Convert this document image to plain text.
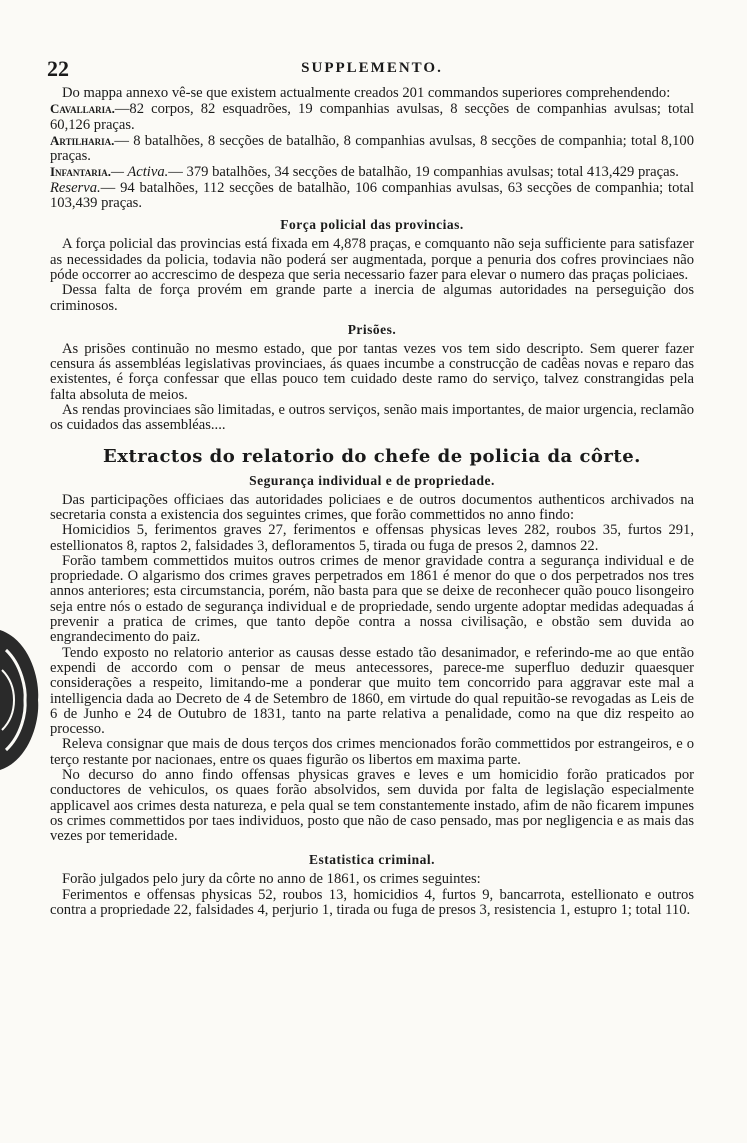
22	SUPPLEMENTO.

Do mappa annexo vê-se que existem actualmente creados 201 commandos superiores comprehendendo:

Cavallaria.—82 corpos, 82 esquadrões, 19 companhias avulsas, 8 secções de companhias avulsas; total 60,126 praças.

Artilharia.— 8 batalhões, 8 secções de batalhão, 8 companhias avulsas, 8 secções de companhia; total 8,100 praças.

Infantaria.— Activa.— 379 batalhões, 34 secções de batalhão, 19 companhias avulsas; total 413,429 praças.

Reserva.— 94 batalhões, 112 secções de batalhão, 106 companhias avulsas, 63 secções de companhia; total 103,439 praças.

Força policial das provincias.

A força policial das provincias está fixada em 4,878 praças, e comquanto não seja sufficiente para satisfazer as necessidades da policia, todavia não poderá ser augmentada, porque a penuria dos cofres provinciaes não póde occorrer ao accrescimo de despeza que seria necessario fazer para elevar o numero das praças policiaes.

Dessa falta de força provém em grande parte a inercia de algumas autoridades na perseguição dos criminosos.

Prisões.

As prisões continuão no mesmo estado, que por tantas vezes vos tem sido descripto. Sem querer fazer censura ás assembléas legislativas provinciaes, ás quaes incumbe a construcção de cadêas novas e reparo das existentes, é força confessar que ellas pouco tem cuidado deste ramo do serviço, talvez constrangidas pela falta absoluta de meios.

As rendas provinciaes são limitadas, e outros serviços, senão mais importantes, de maior urgencia, reclamão os cuidados das assembléas....

Extractos do relatorio do chefe de policia da côrte.
Segurança individual e de propriedade.

Das participações officiaes das autoridades policiaes e de outros documentos authenticos archivados na secretaria consta a existencia dos seguintes crimes, que forão commettidos no anno findo:

Homicidios 5, ferimentos graves 27, ferimentos e offensas physicas leves 282, roubos 35, furtos 291, estellionatos 8, raptos 2, falsidades 3, defloramentos 5, tirada ou fuga de presos 2, damnos 22.

Forão tambem commettidos muitos outros crimes de menor gravidade contra a segurança individual e de propriedade. O algarismo dos crimes graves perpetrados em 1861 é menor do que o dos perpetrados nos tres annos anteriores; esta circumstancia, porém, não basta para que se deixe de reconhecer quão pouco lisongeiro seja entre nós o estado de segurança individual e de propriedade, sendo urgente adoptar medidas adequadas á prevenir a pratica de crimes, que tanto depõe contra a nossa civilisação, e obstão sem duvida ao engrandecimento do paiz.

Tendo exposto no relatorio anterior as causas desse estado tão desanimador, e referindo-me ao que então expendi de accordo com o pensar de meus antecessores, parece-me superfluo deduzir quaesquer considerações a respeito, limitando-me a ponderar que muito tem concorrido para aggravar este mal a intelligencia dada ao Decreto de 4 de Setembro de 1860, em virtude do qual repuitão-se revogadas as Leis de 6 de Junho e 24 de Outubro de 1831, tanto na parte relativa a penalidade, como na que diz respeito ao processo.

Releva consignar que mais de dous terços dos crimes mencionados forão commettidos por estrangeiros, e o terço restante por nacionaes, entre os quaes figurão os libertos em maxima parte.

No decurso do anno findo offensas physicas graves e leves e um homicidio forão praticados por conductores de vehiculos, os quaes forão absolvidos, sem duvida por falta de legislação especialmente applicavel aos crimes desta natureza, e pela qual se tem constantemente instado, afim de não ficarem impunes os crimes commettidos por taes individuos, posto que não de caso pensado, mas por negligencia e as mais das vezes por temeridade.

Estatistica criminal.

Forão julgados pelo jury da côrte no anno de 1861, os crimes seguintes:

Ferimentos e offensas physicas 52, roubos 13, homicidios 4, furtos 9, bancarrota, estellionato e outros contra a propriedade 22, falsidades 4, perjurio 1, tirada ou fuga de presos 3, resistencia 1, estupro 1; total 110.
